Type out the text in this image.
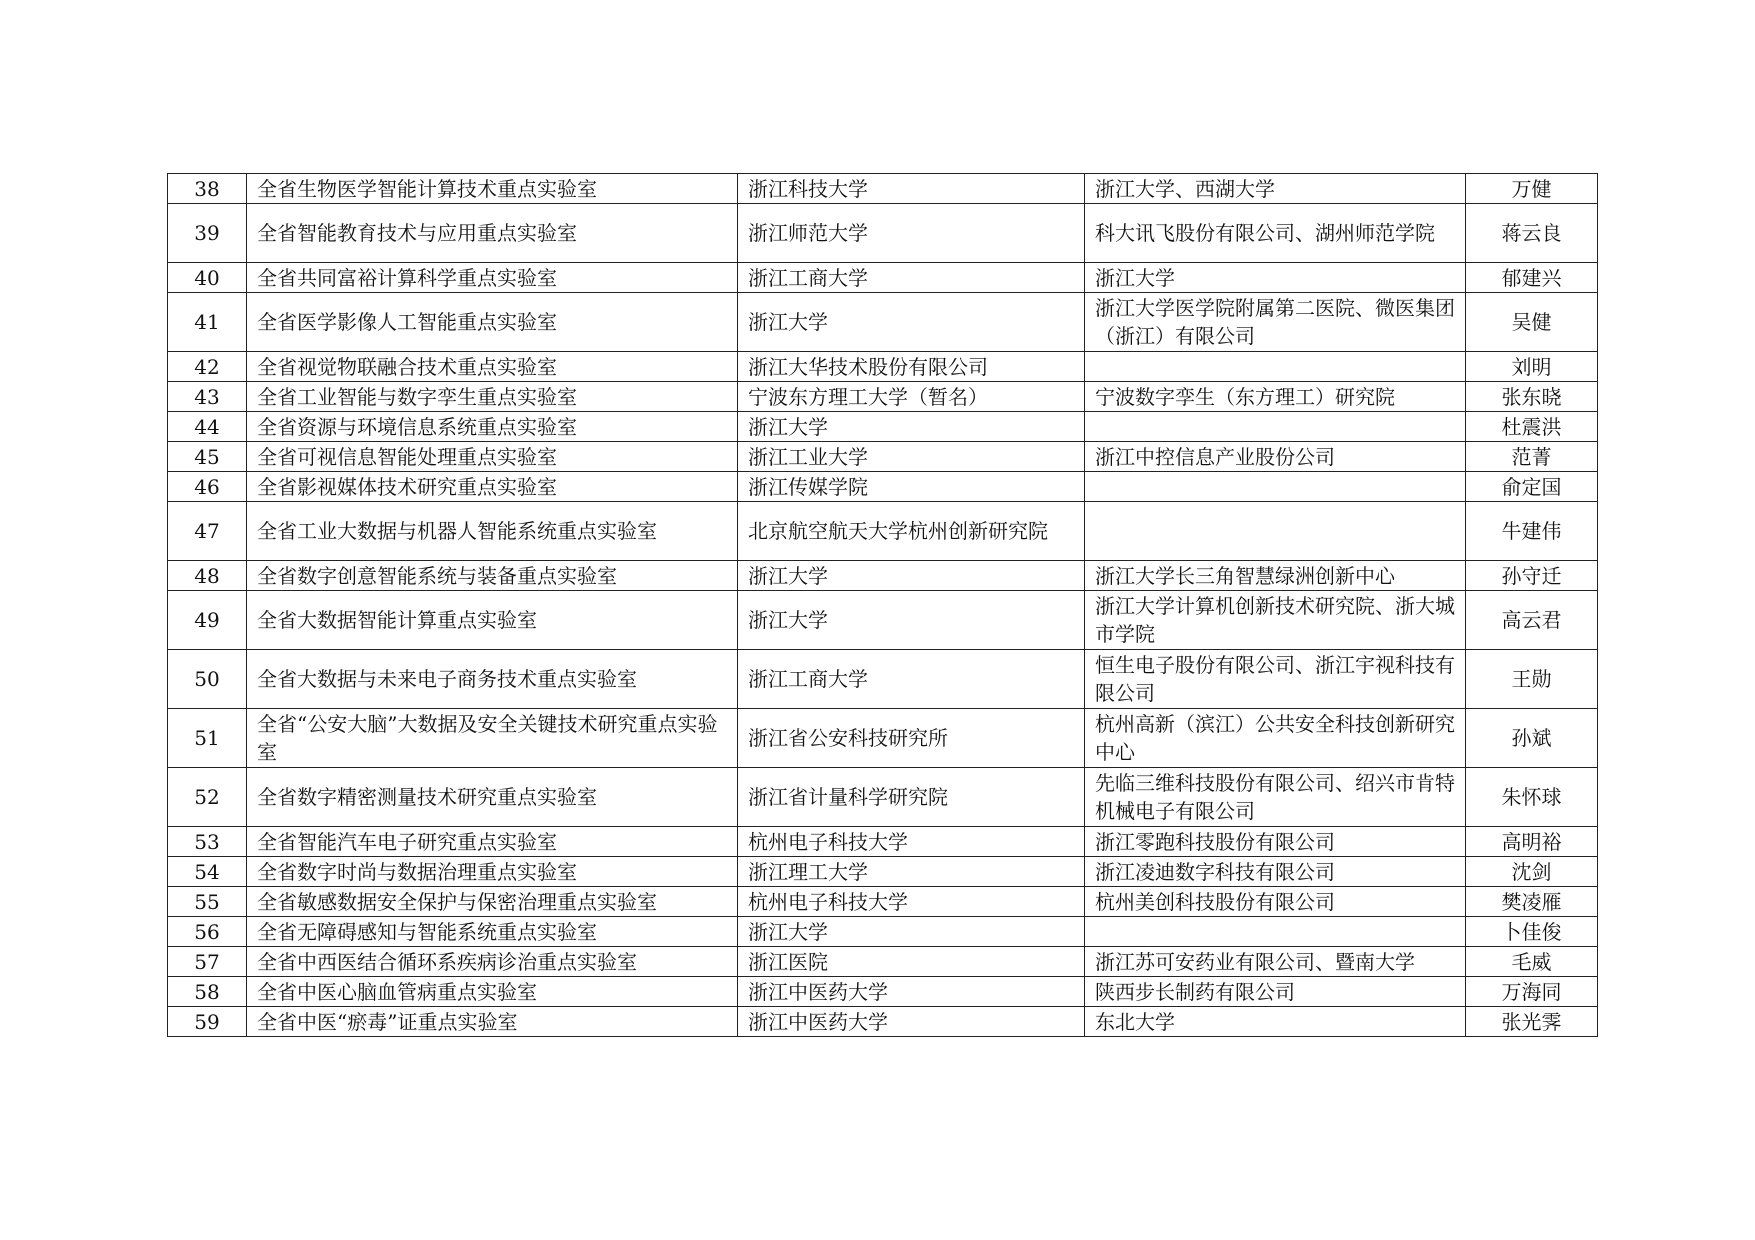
38	全省生物医学智能计算技术重点实验室	浙江科技大学	浙江大学、西湖大学	万健
39	全省智能教育技术与应用重点实验室	浙江师范大学	科大讯飞股份有限公司、湖州师范学院	蒋云良
40	全省共同富裕计算科学重点实验室	浙江工商大学	浙江大学	郁建兴
41	全省医学影像人工智能重点实验室	浙江大学	浙江大学医学院附属第二医院、微医集团（浙江）有限公司	吴健
42	全省视觉物联融合技术重点实验室	浙江大华技术股份有限公司		刘明
43	全省工业智能与数字孪生重点实验室	宁波东方理工大学（暂名）	宁波数字孪生（东方理工）研究院	张东晓
44	全省资源与环境信息系统重点实验室	浙江大学		杜震洪
45	全省可视信息智能处理重点实验室	浙江工业大学	浙江中控信息产业股份公司	范菁
46	全省影视媒体技术研究重点实验室	浙江传媒学院		俞定国
47	全省工业大数据与机器人智能系统重点实验室	北京航空航天大学杭州创新研究院		牛建伟
48	全省数字创意智能系统与装备重点实验室	浙江大学	浙江大学长三角智慧绿洲创新中心	孙守迁
49	全省大数据智能计算重点实验室	浙江大学	浙江大学计算机创新技术研究院、浙大城市学院	高云君
50	全省大数据与未来电子商务技术重点实验室	浙江工商大学	恒生电子股份有限公司、浙江宇视科技有限公司	王勋
51	全省“公安大脑”大数据及安全关键技术研究重点实验室	浙江省公安科技研究所	杭州高新（滨江）公共安全科技创新研究中心	孙斌
52	全省数字精密测量技术研究重点实验室	浙江省计量科学研究院	先临三维科技股份有限公司、绍兴市肯特机械电子有限公司	朱怀球
53	全省智能汽车电子研究重点实验室	杭州电子科技大学	浙江零跑科技股份有限公司	高明裕
54	全省数字时尚与数据治理重点实验室	浙江理工大学	浙江凌迪数字科技有限公司	沈剑
55	全省敏感数据安全保护与保密治理重点实验室	杭州电子科技大学	杭州美创科技股份有限公司	樊凌雁
56	全省无障碍感知与智能系统重点实验室	浙江大学		卜佳俊
57	全省中西医结合循环系疾病诊治重点实验室	浙江医院	浙江苏可安药业有限公司、暨南大学	毛威
58	全省中医心脑血管病重点实验室	浙江中医药大学	陕西步长制药有限公司	万海同
59	全省中医“瘀毒”证重点实验室	浙江中医药大学	东北大学	张光霁
